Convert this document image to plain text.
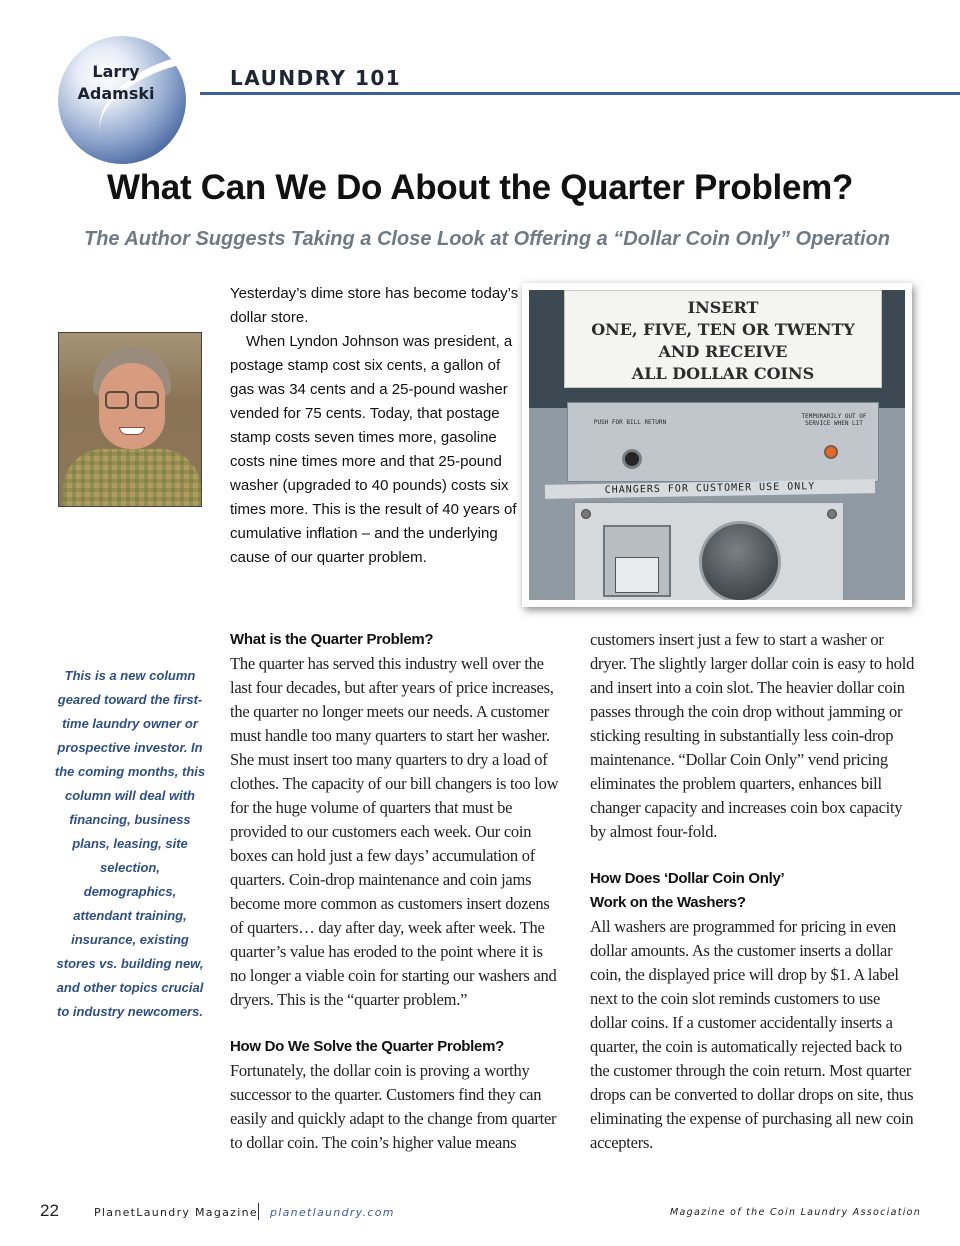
Larry Adamski
LAUNDRY 101
What Can We Do About the Quarter Problem?
The Author Suggests Taking a Close Look at Offering a “Dollar Coin Only” Operation
This is a new column geared toward the first-time laundry owner or prospective investor. In the coming months, this column will deal with financing, business plans, leasing, site selection, demographics, attendant training, insurance, existing stores vs. building new, and other topics crucial to industry newcomers.

Yesterday’s dime store has become today’s dollar store.

When Lyndon Johnson was president, a postage stamp cost six cents, a gallon of gas was 34 cents and a 25-pound washer vended for 75 cents. Today, that postage stamp costs seven times more, gasoline costs nine times more and that 25-pound washer (upgraded to 40 pounds) costs six times more. This is the result of 40 years of cumulative inflation – and the underlying cause of our quarter problem.

INSERT
ONE, FIVE, TEN OR TWENTY
AND RECEIVE
ALL DOLLAR COINS
PUSH FOR BILL RETURN
TEMPORARILY OUT OF SERVICE WHEN LIT
CHANGERS FOR CUSTOMER USE ONLY

What is the Quarter Problem?

The quarter has served this industry well over the last four decades, but after years of price increases, the quarter no longer meets our needs. A customer must handle too many quarters to start her washer. She must insert too many quarters to dry a load of clothes. The capacity of our bill changers is too low for the huge volume of quarters that must be provided to our customers each week. Our coin boxes can hold just a few days’ accumulation of quarters. Coin-drop maintenance and coin jams become more common as customers insert dozens of quarters… day after day, week after week. The quarter’s value has eroded to the point where it is no longer a viable coin for starting our washers and dryers. This is the “quarter problem.”

How Do We Solve the Quarter Problem?

Fortunately, the dollar coin is proving a worthy successor to the quarter. Customers find they can easily and quickly adapt to the change from quarter to dollar coin. The coin’s higher value means

customers insert just a few to start a washer or dryer. The slightly larger dollar coin is easy to hold and insert into a coin slot. The heavier dollar coin passes through the coin drop without jamming or sticking resulting in substantially less coin-drop maintenance. “Dollar Coin Only” vend pricing eliminates the problem quarters, enhances bill changer capacity and increases coin box capacity by almost four-fold.

How Does ‘Dollar Coin Only’

Work on the Washers?

All washers are programmed for pricing in even dollar amounts. As the customer inserts a dollar coin, the displayed price will drop by $1. A label next to the coin slot reminds customers to use dollar coins. If a customer accidentally inserts a quarter, the coin is automatically rejected back to the customer through the coin return. Most quarter drops can be converted to dollar drops on site, thus eliminating the expense of purchasing all new coin accepters.

22	PlanetLaundry Magazine planetlaundry.com	Magazine of the Coin Laundry Association
